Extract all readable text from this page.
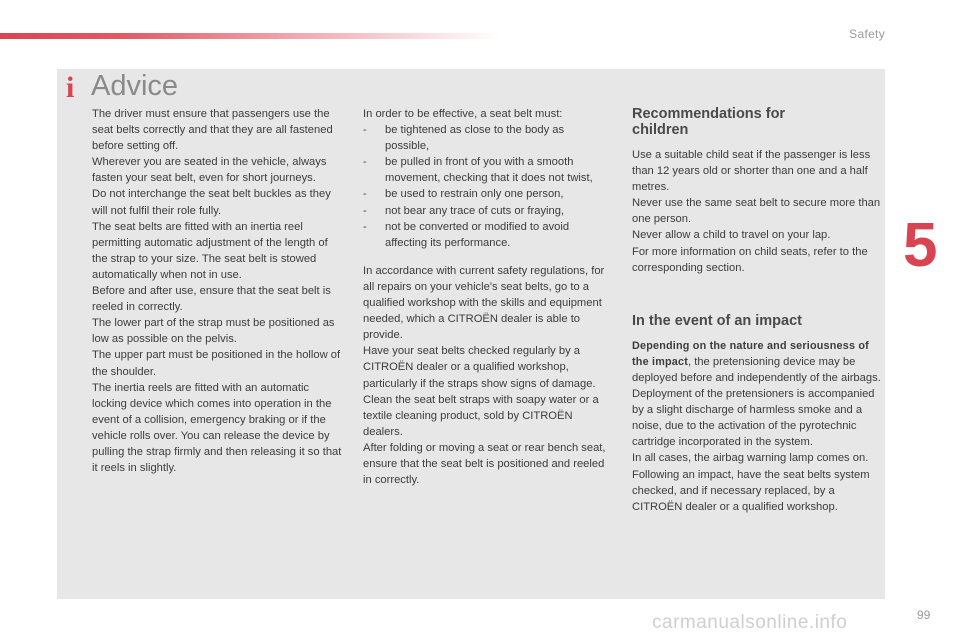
Safety
5
i Advice

The driver must ensure that passengers use the seat belts correctly and that they are all fastened before setting off.

Wherever you are seated in the vehicle, always fasten your seat belt, even for short journeys.

Do not interchange the seat belt buckles as they will not fulfil their role fully.

The seat belts are fitted with an inertia reel permitting automatic adjustment of the length of the strap to your size. The seat belt is stowed automatically when not in use.

Before and after use, ensure that the seat belt is reeled in correctly.

The lower part of the strap must be positioned as low as possible on the pelvis.

The upper part must be positioned in the hollow of the shoulder.

The inertia reels are fitted with an automatic locking device which comes into operation in the event of a collision, emergency braking or if the vehicle rolls over. You can release the device by pulling the strap firmly and then releasing it so that it reels in slightly.

In order to be effective, a seat belt must:

- be tightened as close to the body as possible,
- be pulled in front of you with a smooth movement, checking that it does not twist,
- be used to restrain only one person,
- not bear any trace of cuts or fraying,
- not be converted or modified to avoid affecting its performance.

In accordance with current safety regulations, for all repairs on your vehicle's seat belts, go to a qualified workshop with the skills and equipment needed, which a CITROËN dealer is able to provide.

Have your seat belts checked regularly by a CITROËN dealer or a qualified workshop, particularly if the straps show signs of damage.

Clean the seat belt straps with soapy water or a textile cleaning product, sold by CITROËN dealers.

After folding or moving a seat or rear bench seat, ensure that the seat belt is positioned and reeled in correctly.

Recommendations for children

Use a suitable child seat if the passenger is less than 12 years old or shorter than one and a half metres.

Never use the same seat belt to secure more than one person.

Never allow a child to travel on your lap.

For more information on child seats, refer to the corresponding section.

In the event of an impact

Depending on the nature and seriousness of the impact, the pretensioning device may be deployed before and independently of the airbags. Deployment of the pretensioners is accompanied by a slight discharge of harmless smoke and a noise, due to the activation of the pyrotechnic cartridge incorporated in the system.

In all cases, the airbag warning lamp comes on.

Following an impact, have the seat belts system checked, and if necessary replaced, by a CITROËN dealer or a qualified workshop.

99
carmanualsonline.info
